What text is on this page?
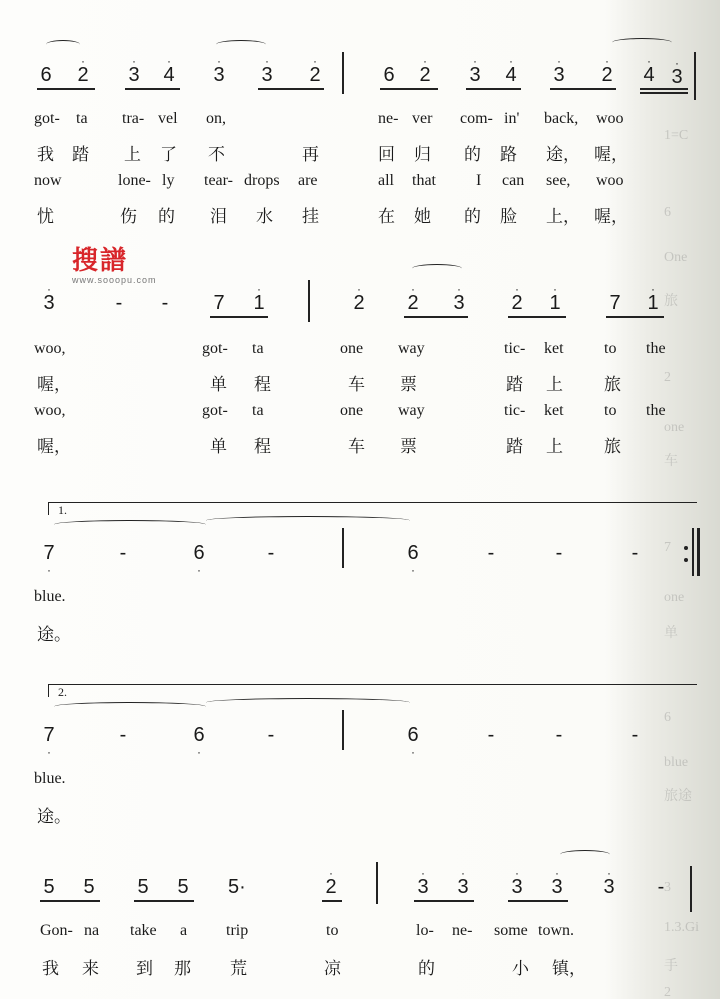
1=C
6
One
旅
2
one
车
7
one
单
6
blue
旅途
3
1.3.Gi
手
2
搜譜
www.sooopu.com
6 2
·
3
·
4
·
3
·
3
·
2
·
6 2
·
3
·
4
·
3
·
2
·
4
·
3
·
got- ta tra- vel on,	ne- ver com- in' back, woo
我 踏 上 了 不	再	回 归 的 路 途， 喔，
now	lone- ly tear- drops are	all that	I can see, woo
忧	伤 的 泪 水 挂	在 她 的 脸 上， 喔，
3
·
- - 7 1
·
2
·
2
·
3
·
2
·
1
·
7 1
·
woo,	got- ta	one way	tic- ket	to the
喔，	单 程	车 票	踏 上 旅
woo,	got- ta	one way	tic- ket	to the
喔，	单 程	车 票	踏 上 旅
1.
7
·
-	6
·
-	6
·
-	-	-
blue.
途。
2.
7
·
-	6
·
-	6
·
-	-	-
blue.
途。
5 5 5 5 5·	2
·
3
·
3
·
3
·
3
·
3
·
-
Gon- na take a trip	to	lo- ne- some town.
我 来 到 那 荒	凉	的	小 镇，
